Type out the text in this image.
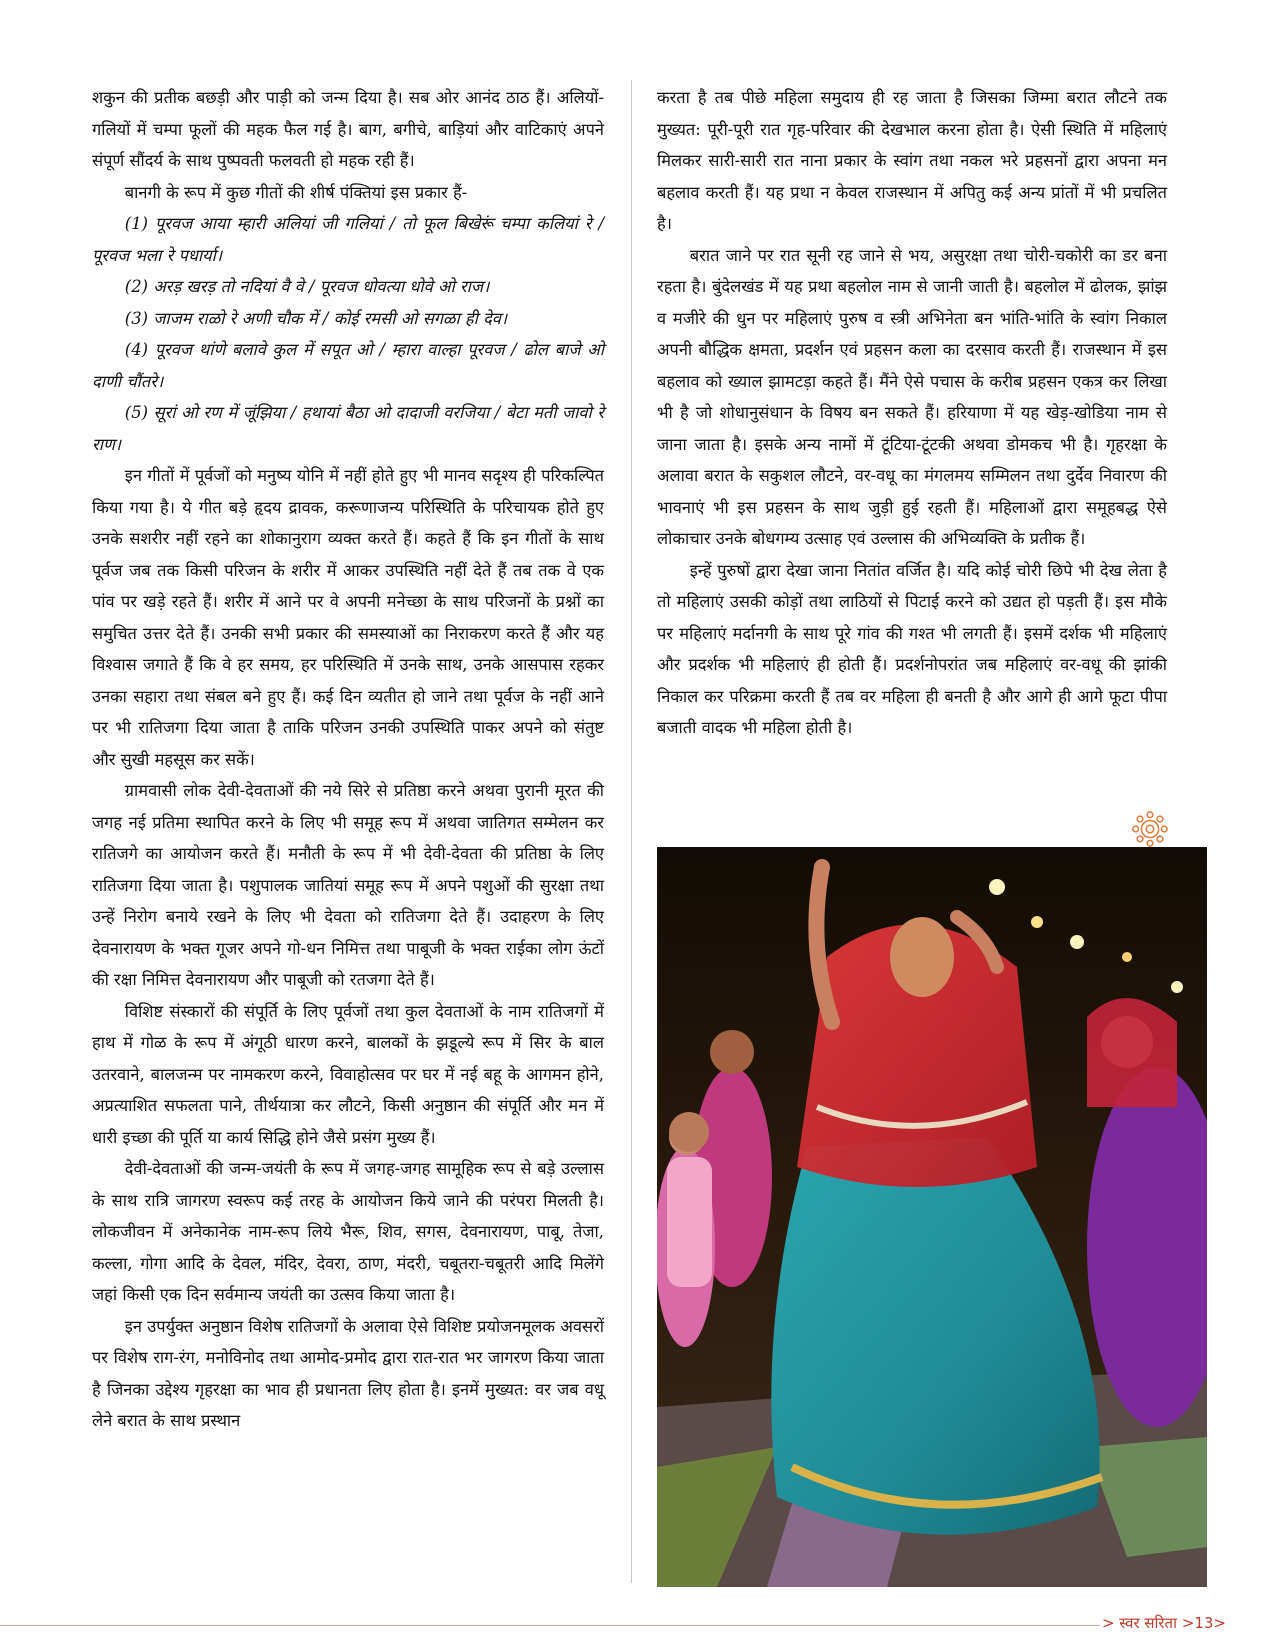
शकुन की प्रतीक बछड़ी और पाड़ी को जन्म दिया है। सब ओर आनंद ठाठ हैं। अलियों-गलियों में चम्पा फूलों की महक फैल गई है। बाग, बगीचे, बाड़ियां और वाटिकाएं अपने संपूर्ण सौंदर्य के साथ पुष्पवती फलवती हो महक रही हैं।

बानगी के रूप में कुछ गीतों की शीर्ष पंक्तियां इस प्रकार हैं-

(1) पूरवज आया म्हारी अलियां जी गलियां / तो फूल बिखेरूं चम्पा कलियां रे / पूरवज भला रे पधार्या।

(2) अरड़ खरड़ तो नदियां वै वे / पूरवज धोवत्या धोवे ओ राज।

(3) जाजम राळो रे अणी चौक में / कोई रमसी ओ सगळा ही देव।

(4) पूरवज थांणे बलावे कुल में सपूत ओ / म्हारा वाल्हा पूरवज / ढोल बाजे ओ दाणी चौंतरे।

(5) सूरां ओ रण में जूंझिया / हथायां बैठा ओ दादाजी वरजिया / बेटा मती जावो रे राण।

इन गीतों में पूर्वजों को मनुष्य योनि में नहीं होते हुए भी मानव सदृश्य ही परिकल्पित किया गया है। ये गीत बड़े हृदय द्रावक, करूणाजन्य परिस्थिति के परिचायक होते हुए उनके सशरीर नहीं रहने का शोकानुराग व्यक्त करते हैं। कहते हैं कि इन गीतों के साथ पूर्वज जब तक किसी परिजन के शरीर में आकर उपस्थिति नहीं देते हैं तब तक वे एक पांव पर खड़े रहते हैं। शरीर में आने पर वे अपनी मनेच्छा के साथ परिजनों के प्रश्नों का समुचित उत्तर देते हैं। उनकी सभी प्रकार की समस्याओं का निराकरण करते हैं और यह विश्वास जगाते हैं कि वे हर समय, हर परिस्थिति में उनके साथ, उनके आसपास रहकर उनका सहारा तथा संबल बने हुए हैं। कई दिन व्यतीत हो जाने तथा पूर्वज के नहीं आने पर भी रातिजगा दिया जाता है ताकि परिजन उनकी उपस्थिति पाकर अपने को संतुष्ट और सुखी महसूस कर सकें।

ग्रामवासी लोक देवी-देवताओं की नये सिरे से प्रतिष्ठा करने अथवा पुरानी मूरत की जगह नई प्रतिमा स्थापित करने के लिए भी समूह रूप में अथवा जातिगत सम्मेलन कर रातिजगे का आयोजन करते हैं। मनौती के रूप में भी देवी-देवता की प्रतिष्ठा के लिए रातिजगा दिया जाता है। पशुपालक जातियां समूह रूप में अपने पशुओं की सुरक्षा तथा उन्हें निरोग बनाये रखने के लिए भी देवता को रातिजगा देते हैं। उदाहरण के लिए देवनारायण के भक्त गूजर अपने गो-धन निमित्त तथा पाबूजी के भक्त राईका लोग ऊंटों की रक्षा निमित्त देवनारायण और पाबूजी को रतजगा देते हैं।

विशिष्ट संस्कारों की संपूर्ति के लिए पूर्वजों तथा कुल देवताओं के नाम रातिजगों में हाथ में गोळ के रूप में अंगूठी धारण करने, बालकों के झडूल्ये रूप में सिर के बाल उतरवाने, बालजन्म पर नामकरण करने, विवाहोत्सव पर घर में नई बहू के आगमन होने, अप्रत्याशित सफलता पाने, तीर्थयात्रा कर लौटने, किसी अनुष्ठान की संपूर्ति और मन में धारी इच्छा की पूर्ति या कार्य सिद्धि होने जैसे प्रसंग मुख्य हैं।

देवी-देवताओं की जन्म-जयंती के रूप में जगह-जगह सामूहिक रूप से बड़े उल्लास के साथ रात्रि जागरण स्वरूप कई तरह के आयोजन किये जाने की परंपरा मिलती है। लोकजीवन में अनेकानेक नाम-रूप लिये भैरू, शिव, सगस, देवनारायण, पाबू, तेजा, कल्ला, गोगा आदि के देवल, मंदिर, देवरा, ठाण, मंदरी, चबूतरा-चबूतरी आदि मिलेंगे जहां किसी एक दिन सर्वमान्य जयंती का उत्सव किया जाता है।

इन उपर्युक्त अनुष्ठान विशेष रातिजगों के अलावा ऐसे विशिष्ट प्रयोजनमूलक अवसरों पर विशेष राग-रंग, मनोविनोद तथा आमोद-प्रमोद द्वारा रात-रात भर जागरण किया जाता है जिनका उद्देश्य गृहरक्षा का भाव ही प्रधानता लिए होता है। इनमें मुख्यत: वर जब वधू लेने बरात के साथ प्रस्थान

करता है तब पीछे महिला समुदाय ही रह जाता है जिसका जिम्मा बरात लौटने तक मुख्यत: पूरी-पूरी रात गृह-परिवार की देखभाल करना होता है। ऐसी स्थिति में महिलाएं मिलकर सारी-सारी रात नाना प्रकार के स्वांग तथा नकल भरे प्रहसनों द्वारा अपना मन बहलाव करती हैं। यह प्रथा न केवल राजस्थान में अपितु कई अन्य प्रांतों में भी प्रचलित है।

बरात जाने पर रात सूनी रह जाने से भय, असुरक्षा तथा चोरी-चकोरी का डर बना रहता है। बुंदेलखंड में यह प्रथा बहलोल नाम से जानी जाती है। बहलोल में ढोलक, झांझ व मजीरे की धुन पर महिलाएं पुरुष व स्त्री अभिनेता बन भांति-भांति के स्वांग निकाल अपनी बौद्धिक क्षमता, प्रदर्शन एवं प्रहसन कला का दरसाव करती हैं। राजस्थान में इस बहलाव को ख्याल झामटड़ा कहते हैं। मैंने ऐसे पचास के करीब प्रहसन एकत्र कर लिखा भी है जो शोधानुसंधान के विषय बन सकते हैं। हरियाणा में यह खेड़-खोडिया नाम से जाना जाता है। इसके अन्य नामों में टूंटिया-टूंटकी अथवा डोमकच भी है। गृहरक्षा के अलावा बरात के सकुशल लौटने, वर-वधू का मंगलमय सम्मिलन तथा दुर्देव निवारण की भावनाएं भी इस प्रहसन के साथ जुड़ी हुई रहती हैं। महिलाओं द्वारा समूहबद्ध ऐसे लोकाचार उनके बोधगम्य उत्साह एवं उल्लास की अभिव्यक्ति के प्रतीक हैं।

इन्हें पुरुषों द्वारा देखा जाना नितांत वर्जित है। यदि कोई चोरी छिपे भी देख लेता है तो महिलाएं उसकी कोड़ों तथा लाठियों से पिटाई करने को उद्यत हो पड़ती हैं। इस मौके पर महिलाएं मर्दानगी के साथ पूरे गांव की गश्त भी लगती हैं। इसमें दर्शक भी महिलाएं और प्रदर्शक भी महिलाएं ही होती हैं। प्रदर्शनोपरांत जब महिलाएं वर-वधू की झांकी निकाल कर परिक्रमा करती हैं तब वर महिला ही बनती है और आगे ही आगे फूटा पीपा बजाती वादक भी महिला होती है।

> स्वर सरिता >13>
